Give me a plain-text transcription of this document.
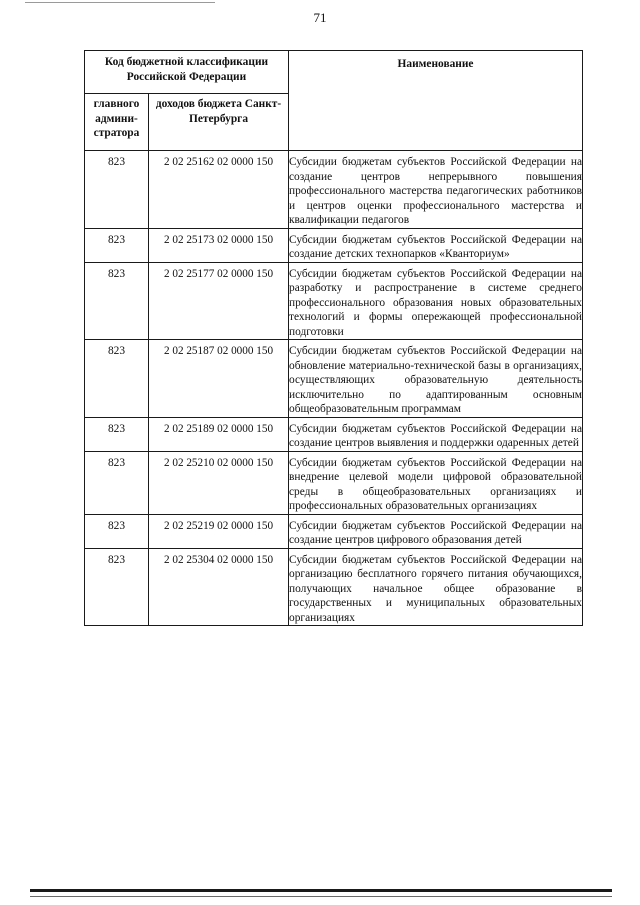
71
Код бюджетной классификации Российской Федерации		Наименование
главного админи-стратора	доходов бюджета Санкт-Петербурга	
823	2 02 25162 02 0000 150	Субсидии бюджетам субъектов Российской Федерации на создание центров непрерывного повышения профессионального мастерства педагогических работников и центров оценки профессионального мастерства и квалификации педагогов
823	2 02 25173 02 0000 150	Субсидии бюджетам субъектов Российской Федерации на создание детских технопарков «Кванториум»
823	2 02 25177 02 0000 150	Субсидии бюджетам субъектов Российской Федерации на разработку и распространение в системе среднего профессионального образования новых образовательных технологий и формы опережающей профессиональной подготовки
823	2 02 25187 02 0000 150	Субсидии бюджетам субъектов Российской Федерации на обновление материально-технической базы в организациях, осуществляющих образовательную деятельность исключительно по адаптированным основным общеобразовательным программам
823	2 02 25189 02 0000 150	Субсидии бюджетам субъектов Российской Федерации на создание центров выявления и поддержки одаренных детей
823	2 02 25210 02 0000 150	Субсидии бюджетам субъектов Российской Федерации на внедрение целевой модели цифровой образовательной среды в общеобразовательных организациях и профессиональных образовательных организациях
823	2 02 25219 02 0000 150	Субсидии бюджетам субъектов Российской Федерации на создание центров цифрового образования детей
823	2 02 25304 02 0000 150	Субсидии бюджетам субъектов Российской Федерации на организацию бесплатного горячего питания обучающихся, получающих начальное общее образование в государственных и муниципальных образовательных организациях
